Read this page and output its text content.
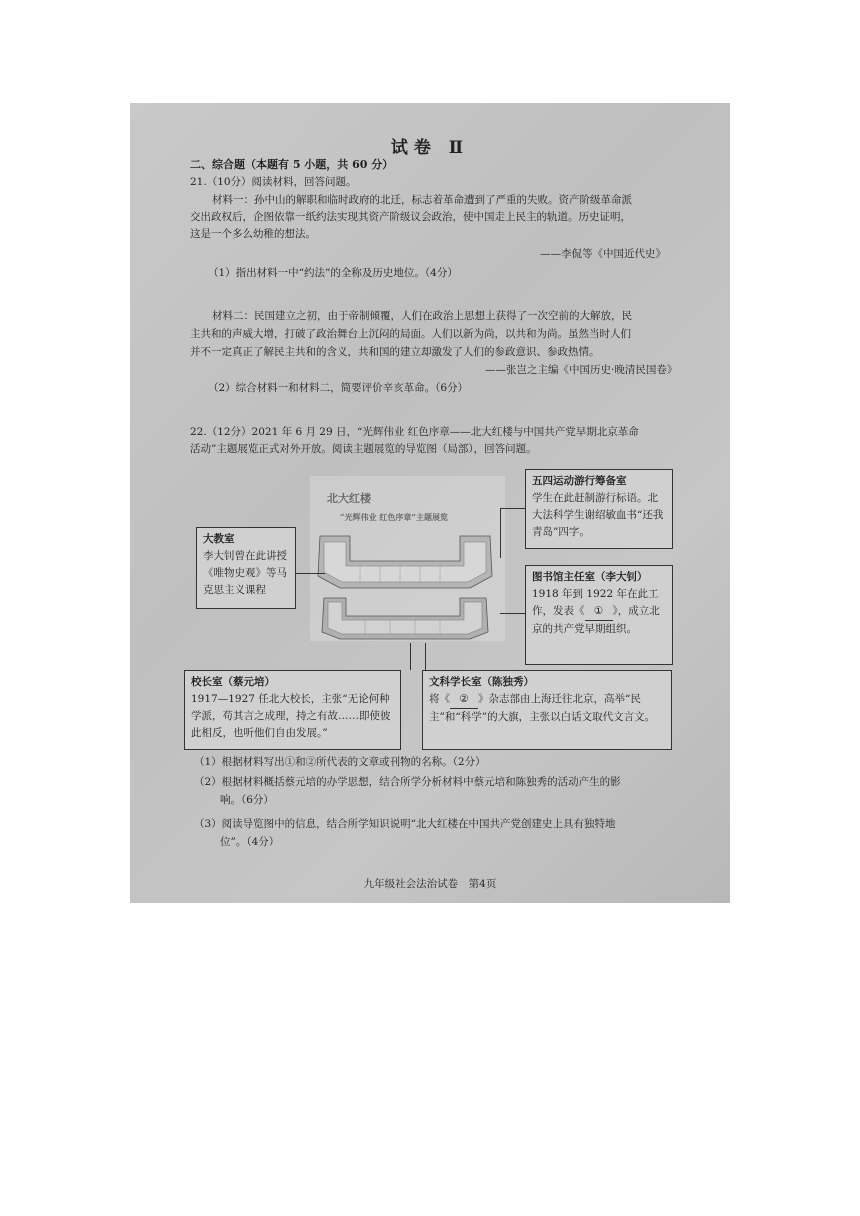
试卷 Ⅱ
二、综合题（本题有 5 小题，共 60 分）
21.（10分）阅读材料，回答问题。
材料一：孙中山的解职和临时政府的北迁，标志着革命遭到了严重的失败。资产阶级革命派
交出政权后，企图依靠一纸约法实现其资产阶级议会政治，使中国走上民主的轨道。历史证明，
这是一个多么幼稚的想法。
——李侃等《中国近代史》
（1）指出材料一中“约法”的全称及历史地位。（4分）
材料二：民国建立之初，由于帝制倾覆，人们在政治上思想上获得了一次空前的大解放，民
主共和的声威大增，打破了政治舞台上沉闷的局面。人们以新为尚，以共和为尚。虽然当时人们
并不一定真正了解民主共和的含义，共和国的建立却激发了人们的参政意识、参政热情。
——张岂之主编《中国历史·晚清民国卷》
（2）综合材料一和材料二，简要评价辛亥革命。（6分）
22.（12分）2021 年 6 月 29 日，“光辉伟业 红色序章——北大红楼与中国共产党早期北京革命
活动”主题展览正式对外开放。阅读主题展览的导览图（局部），回答问题。
北大红楼
“光辉伟业 红色序章”主题展览
五四运动游行筹备室
学生在此赶制游行标语。北大法科学生谢绍敏血书“还我青岛”四字。
大教室
李大钊曾在此讲授《唯物史观》等马克思主义课程
图书馆主任室（李大钊）
1918 年到 1922 年在此工作，发表《 ① 》，成立北京的共产党早期组织。
校长室（蔡元培）
1917—1927 任北大校长，主张“无论何种学派，苟其言之成理，持之有故……即使彼此相反，也听他们自由发展。”
文科学长室（陈独秀）
将《 ② 》杂志部由上海迁往北京，高举“民主”和“科学”的大旗，主张以白话文取代文言文。
（1）根据材料写出①和②所代表的文章或刊物的名称。（2分）
（2）根据材料概括蔡元培的办学思想，结合所学分析材料中蔡元培和陈独秀的活动产生的影
响。（6分）
（3）阅读导览图中的信息，结合所学知识说明“北大红楼在中国共产党创建史上具有独特地
位”。（4分）
九年级社会法治试卷　第4页
